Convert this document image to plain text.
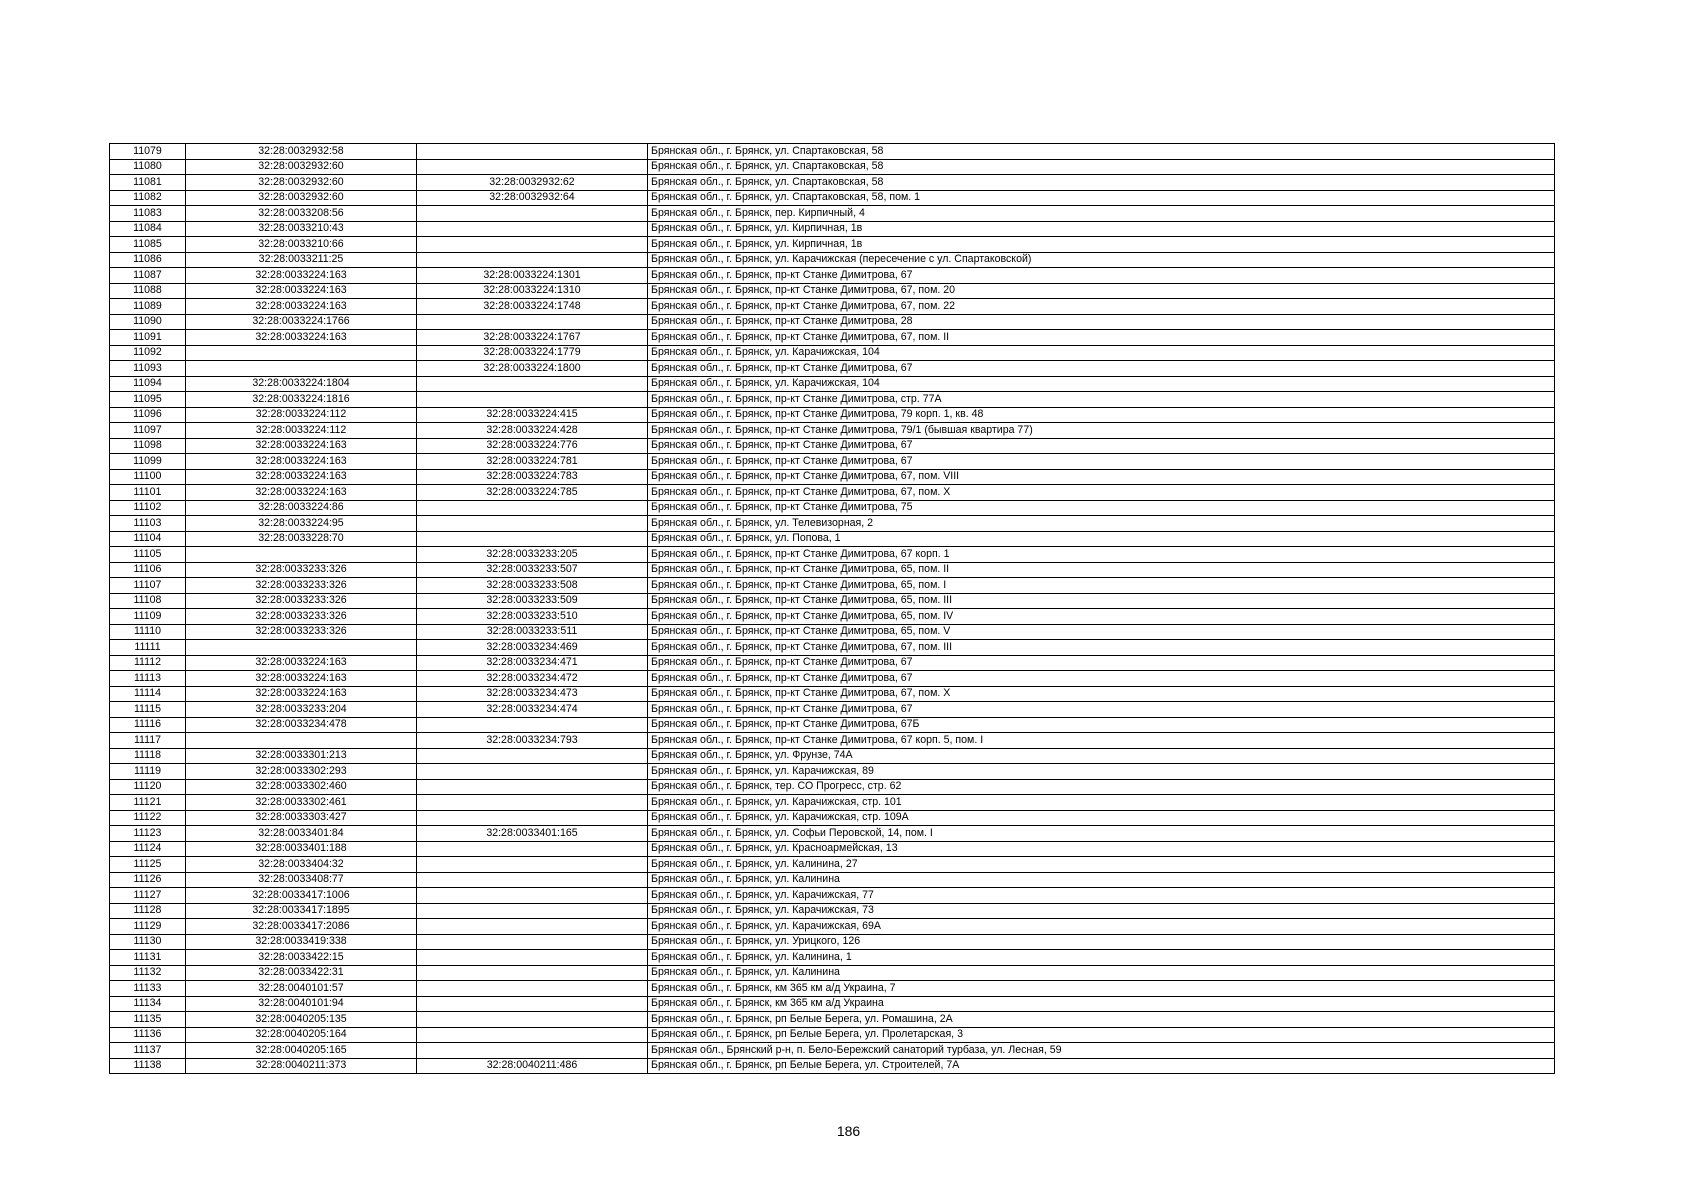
11079	32:28:0032932:58		Брянская обл., г. Брянск, ул. Спартаковская, 58
11080	32:28:0032932:60		Брянская обл., г. Брянск, ул. Спартаковская, 58
11081	32:28:0032932:60	32:28:0032932:62	Брянская обл., г. Брянск, ул. Спартаковская, 58
11082	32:28:0032932:60	32:28:0032932:64	Брянская обл., г. Брянск, ул. Спартаковская, 58, пом. 1
11083	32:28:0033208:56		Брянская обл., г. Брянск, пер. Кирпичный, 4
11084	32:28:0033210:43		Брянская обл., г. Брянск, ул. Кирпичная, 1в
11085	32:28:0033210:66		Брянская обл., г. Брянск, ул. Кирпичная, 1в
11086	32:28:0033211:25		Брянская обл., г. Брянск, ул. Карачижская (пересечение с ул. Спартаковской)
11087	32:28:0033224:163	32:28:0033224:1301	Брянская обл., г. Брянск, пр-кт Станке Димитрова, 67
11088	32:28:0033224:163	32:28:0033224:1310	Брянская обл., г. Брянск, пр-кт Станке Димитрова, 67, пом. 20
11089	32:28:0033224:163	32:28:0033224:1748	Брянская обл., г. Брянск, пр-кт Станке Димитрова, 67, пом. 22
11090	32:28:0033224:1766		Брянская обл., г. Брянск, пр-кт Станке Димитрова, 28
11091	32:28:0033224:163	32:28:0033224:1767	Брянская обл., г. Брянск, пр-кт Станке Димитрова, 67, пом. II
11092		32:28:0033224:1779	Брянская обл., г. Брянск, ул. Карачижская, 104
11093		32:28:0033224:1800	Брянская обл., г. Брянск, пр-кт Станке Димитрова, 67
11094	32:28:0033224:1804		Брянская обл., г. Брянск, ул. Карачижская, 104
11095	32:28:0033224:1816		Брянская обл., г. Брянск, пр-кт Станке Димитрова, стр. 77А
11096	32:28:0033224:112	32:28:0033224:415	Брянская обл., г. Брянск, пр-кт Станке Димитрова, 79 корп. 1, кв. 48
11097	32:28:0033224:112	32:28:0033224:428	Брянская обл., г. Брянск, пр-кт Станке Димитрова, 79/1 (бывшая квартира 77)
11098	32:28:0033224:163	32:28:0033224:776	Брянская обл., г. Брянск, пр-кт Станке Димитрова, 67
11099	32:28:0033224:163	32:28:0033224:781	Брянская обл., г. Брянск, пр-кт Станке Димитрова, 67
11100	32:28:0033224:163	32:28:0033224:783	Брянская обл., г. Брянск, пр-кт Станке Димитрова, 67, пом. VIII
11101	32:28:0033224:163	32:28:0033224:785	Брянская обл., г. Брянск, пр-кт Станке Димитрова, 67, пом. X
11102	32:28:0033224:86		Брянская обл., г. Брянск, пр-кт Станке Димитрова, 75
11103	32:28:0033224:95		Брянская обл., г. Брянск, ул. Телевизорная, 2
11104	32:28:0033228:70		Брянская обл., г. Брянск, ул. Попова, 1
11105		32:28:0033233:205	Брянская обл., г. Брянск, пр-кт Станке Димитрова, 67 корп. 1
11106	32:28:0033233:326	32:28:0033233:507	Брянская обл., г. Брянск, пр-кт Станке Димитрова, 65, пом. II
11107	32:28:0033233:326	32:28:0033233:508	Брянская обл., г. Брянск, пр-кт Станке Димитрова, 65, пом. I
11108	32:28:0033233:326	32:28:0033233:509	Брянская обл., г. Брянск, пр-кт Станке Димитрова, 65, пом. III
11109	32:28:0033233:326	32:28:0033233:510	Брянская обл., г. Брянск, пр-кт Станке Димитрова, 65, пом. IV
11110	32:28:0033233:326	32:28:0033233:511	Брянская обл., г. Брянск, пр-кт Станке Димитрова, 65, пом. V
11111		32:28:0033234:469	Брянская обл., г. Брянск, пр-кт Станке Димитрова, 67, пом. III
11112	32:28:0033224:163	32:28:0033234:471	Брянская обл., г. Брянск, пр-кт Станке Димитрова, 67
11113	32:28:0033224:163	32:28:0033234:472	Брянская обл., г. Брянск, пр-кт Станке Димитрова, 67
11114	32:28:0033224:163	32:28:0033234:473	Брянская обл., г. Брянск, пр-кт Станке Димитрова, 67, пом. X
11115	32:28:0033233:204	32:28:0033234:474	Брянская обл., г. Брянск, пр-кт Станке Димитрова, 67
11116	32:28:0033234:478		Брянская обл., г. Брянск, пр-кт Станке Димитрова, 67Б
11117		32:28:0033234:793	Брянская обл., г. Брянск, пр-кт Станке Димитрова, 67 корп. 5, пом. I
11118	32:28:0033301:213		Брянская обл., г. Брянск, ул. Фрунзе, 74А
11119	32:28:0033302:293		Брянская обл., г. Брянск, ул. Карачижская, 89
11120	32:28:0033302:460		Брянская обл., г. Брянск, тер. СО Прогресс, стр. 62
11121	32:28:0033302:461		Брянская обл., г. Брянск, ул. Карачижская, стр. 101
11122	32:28:0033303:427		Брянская обл., г. Брянск, ул. Карачижская, стр. 109А
11123	32:28:0033401:84	32:28:0033401:165	Брянская обл., г. Брянск, ул. Софьи Перовской, 14, пом. I
11124	32:28:0033401:188		Брянская обл., г. Брянск, ул. Красноармейская, 13
11125	32:28:0033404:32		Брянская обл., г. Брянск, ул. Калинина, 27
11126	32:28:0033408:77		Брянская обл., г. Брянск, ул. Калинина
11127	32:28:0033417:1006		Брянская обл., г. Брянск, ул. Карачижская, 77
11128	32:28:0033417:1895		Брянская обл., г. Брянск, ул. Карачижская, 73
11129	32:28:0033417:2086		Брянская обл., г. Брянск, ул. Карачижская, 69А
11130	32:28:0033419:338		Брянская обл., г. Брянск, ул. Урицкого, 126
11131	32:28:0033422:15		Брянская обл., г. Брянск, ул. Калинина, 1
11132	32:28:0033422:31		Брянская обл., г. Брянск, ул. Калинина
11133	32:28:0040101:57		Брянская обл., г. Брянск, км 365 км а/д Украина, 7
11134	32:28:0040101:94		Брянская обл., г. Брянск, км 365 км а/д Украина
11135	32:28:0040205:135		Брянская обл., г. Брянск, рп Белые Берега, ул. Ромашина, 2А
11136	32:28:0040205:164		Брянская обл., г. Брянск, рп Белые Берега, ул. Пролетарская, 3
11137	32:28:0040205:165		Брянская обл., Брянский р-н, п. Бело-Бережский санаторий турбаза, ул. Лесная, 59
11138	32:28:0040211:373	32:28:0040211:486	Брянская обл., г. Брянск, рп Белые Берега, ул. Строителей, 7А
186
